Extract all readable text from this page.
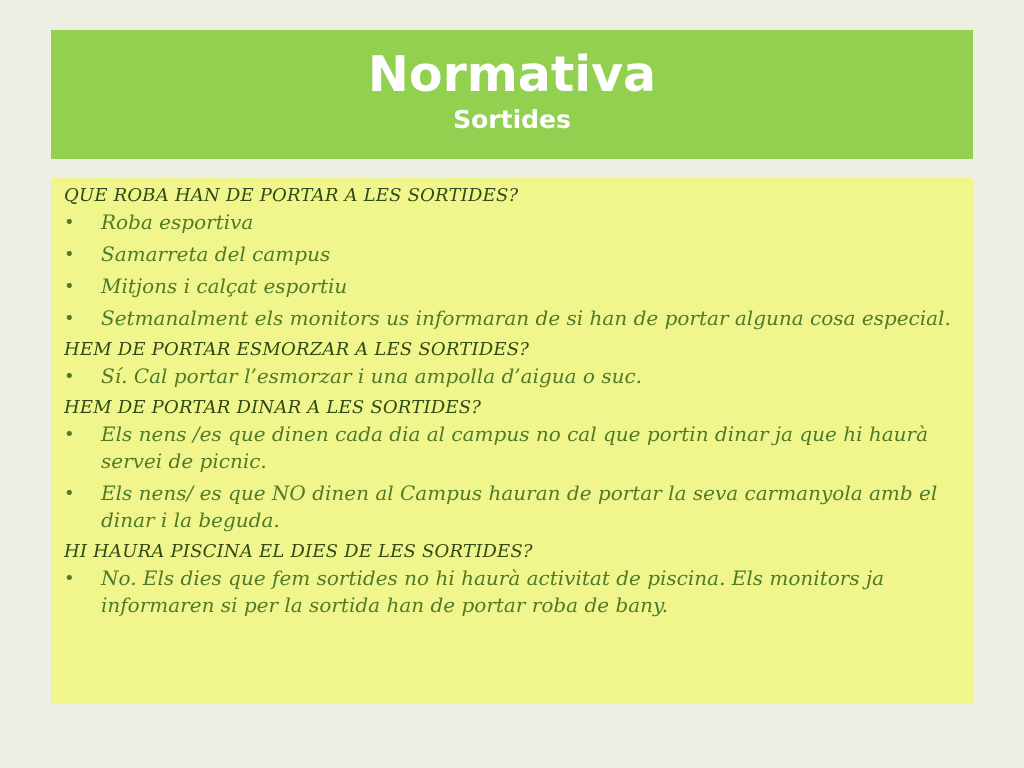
Normativa
Sortides
QUE ROBA HAN DE PORTAR A LES SORTIDES?
•	Roba esportiva
•	Samarreta del campus
•	Mitjons i calçat esportiu
•	Setmanalment els monitors us informaran de si han de portar alguna cosa especial.
HEM DE PORTAR ESMORZAR A LES SORTIDES?
•	Sí. Cal portar l’esmorzar i una ampolla d’aigua o suc.
HEM DE PORTAR DINAR A LES SORTIDES?
•	Els nens /es que dinen cada dia al campus no cal que portin dinar ja que hi haurà servei de picnic.
•	Els nens/ es que NO dinen al Campus hauran de portar la seva carmanyola amb el dinar i la beguda.
HI HAURA PISCINA EL DIES DE LES SORTIDES?
•	No. Els dies que fem sortides no hi haurà activitat de piscina. Els monitors ja informaren si per la sortida han de portar roba de bany.
